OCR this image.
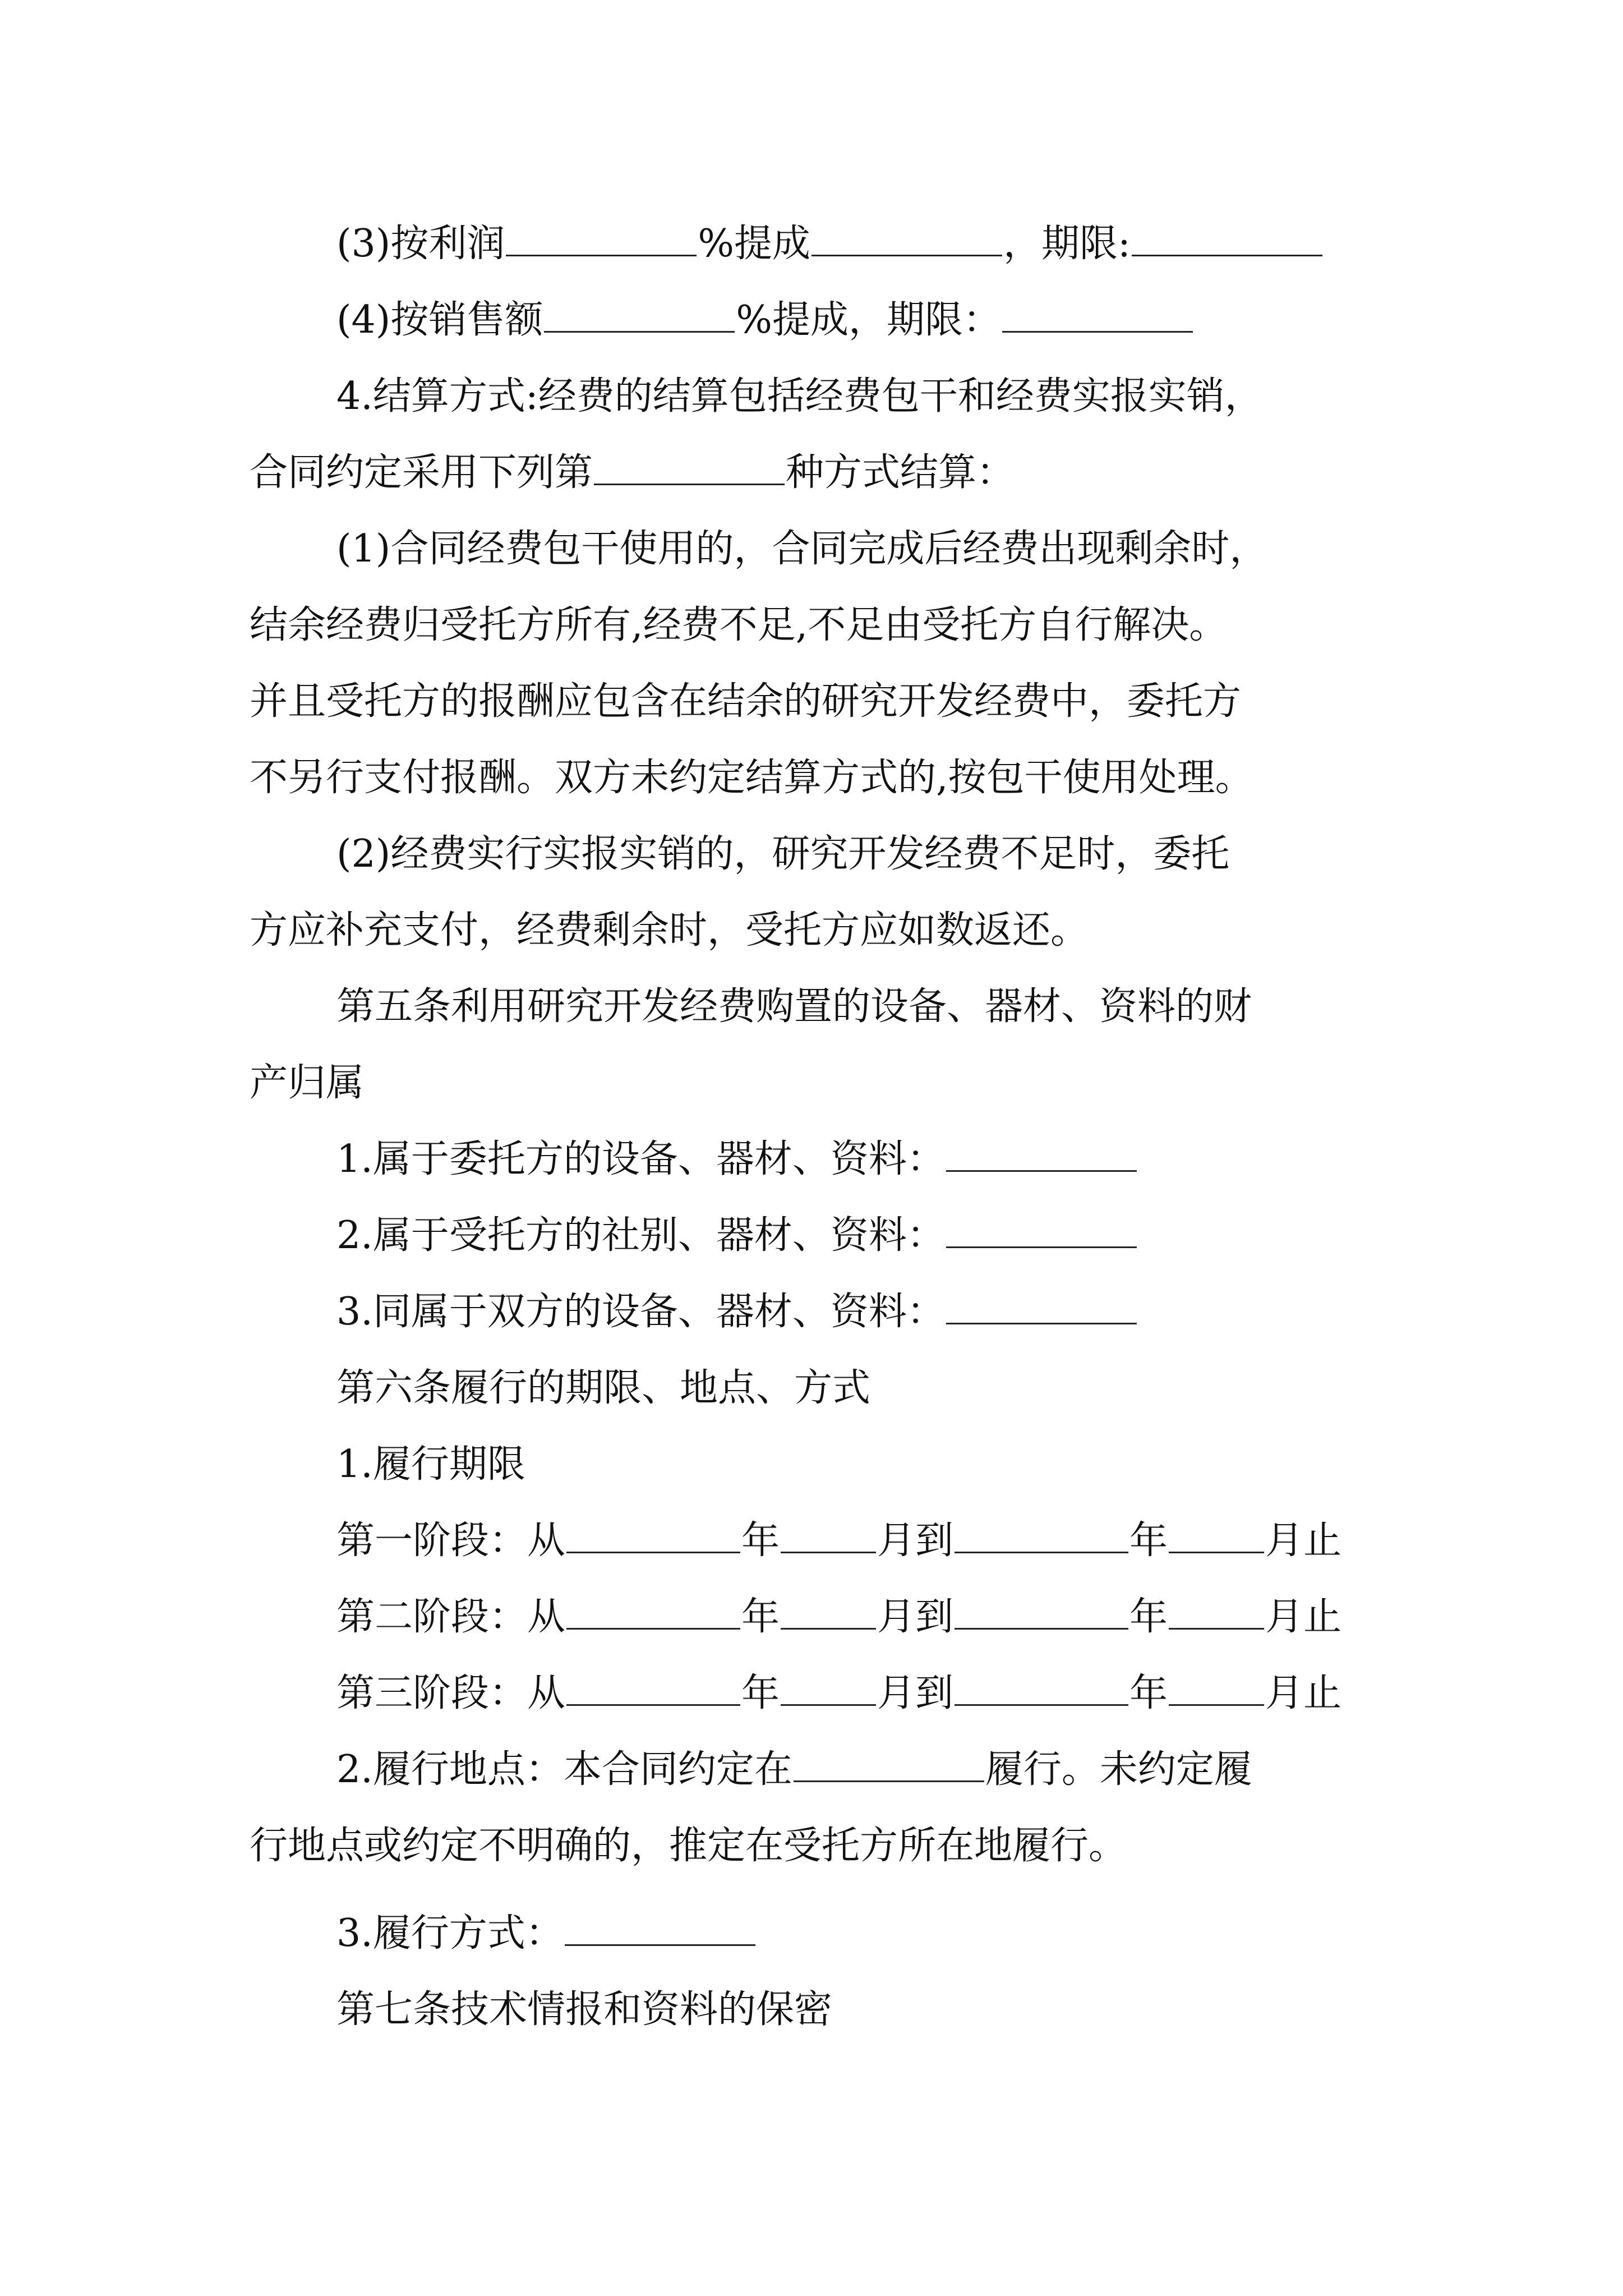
(3)按利润	%提成	，期限:
(4)按销售额	%提成，期限：
4.结算方式:经费的结算包括经费包干和经费实报实销，
合同约定采用下列第	种方式结算：
(1)合同经费包干使用的，合同完成后经费出现剩余时，
结余经费归受托方所有,经费不足,不足由受托方自行解决。
并且受托方的报酬应包含在结余的研究开发经费中，委托方
不另行支付报酬。双方未约定结算方式的,按包干使用处理。
(2)经费实行实报实销的，研究开发经费不足时，委托
方应补充支付，经费剩余时，受托方应如数返还。
第五条利用研究开发经费购置的设备、器材、资料的财
产归属
1.属于委托方的设备、器材、资料：
2.属于受托方的社别、器材、资料：
3.同属于双方的设备、器材、资料：
第六条履行的期限、地点、方式
1.履行期限
第一阶段：从	年	月到	年	月止
第二阶段：从	年	月到	年	月止
第三阶段：从	年	月到	年	月止
2.履行地点：本合同约定在	履行。未约定履
行地点或约定不明确的，推定在受托方所在地履行。
3.履行方式：
第七条技术情报和资料的保密
